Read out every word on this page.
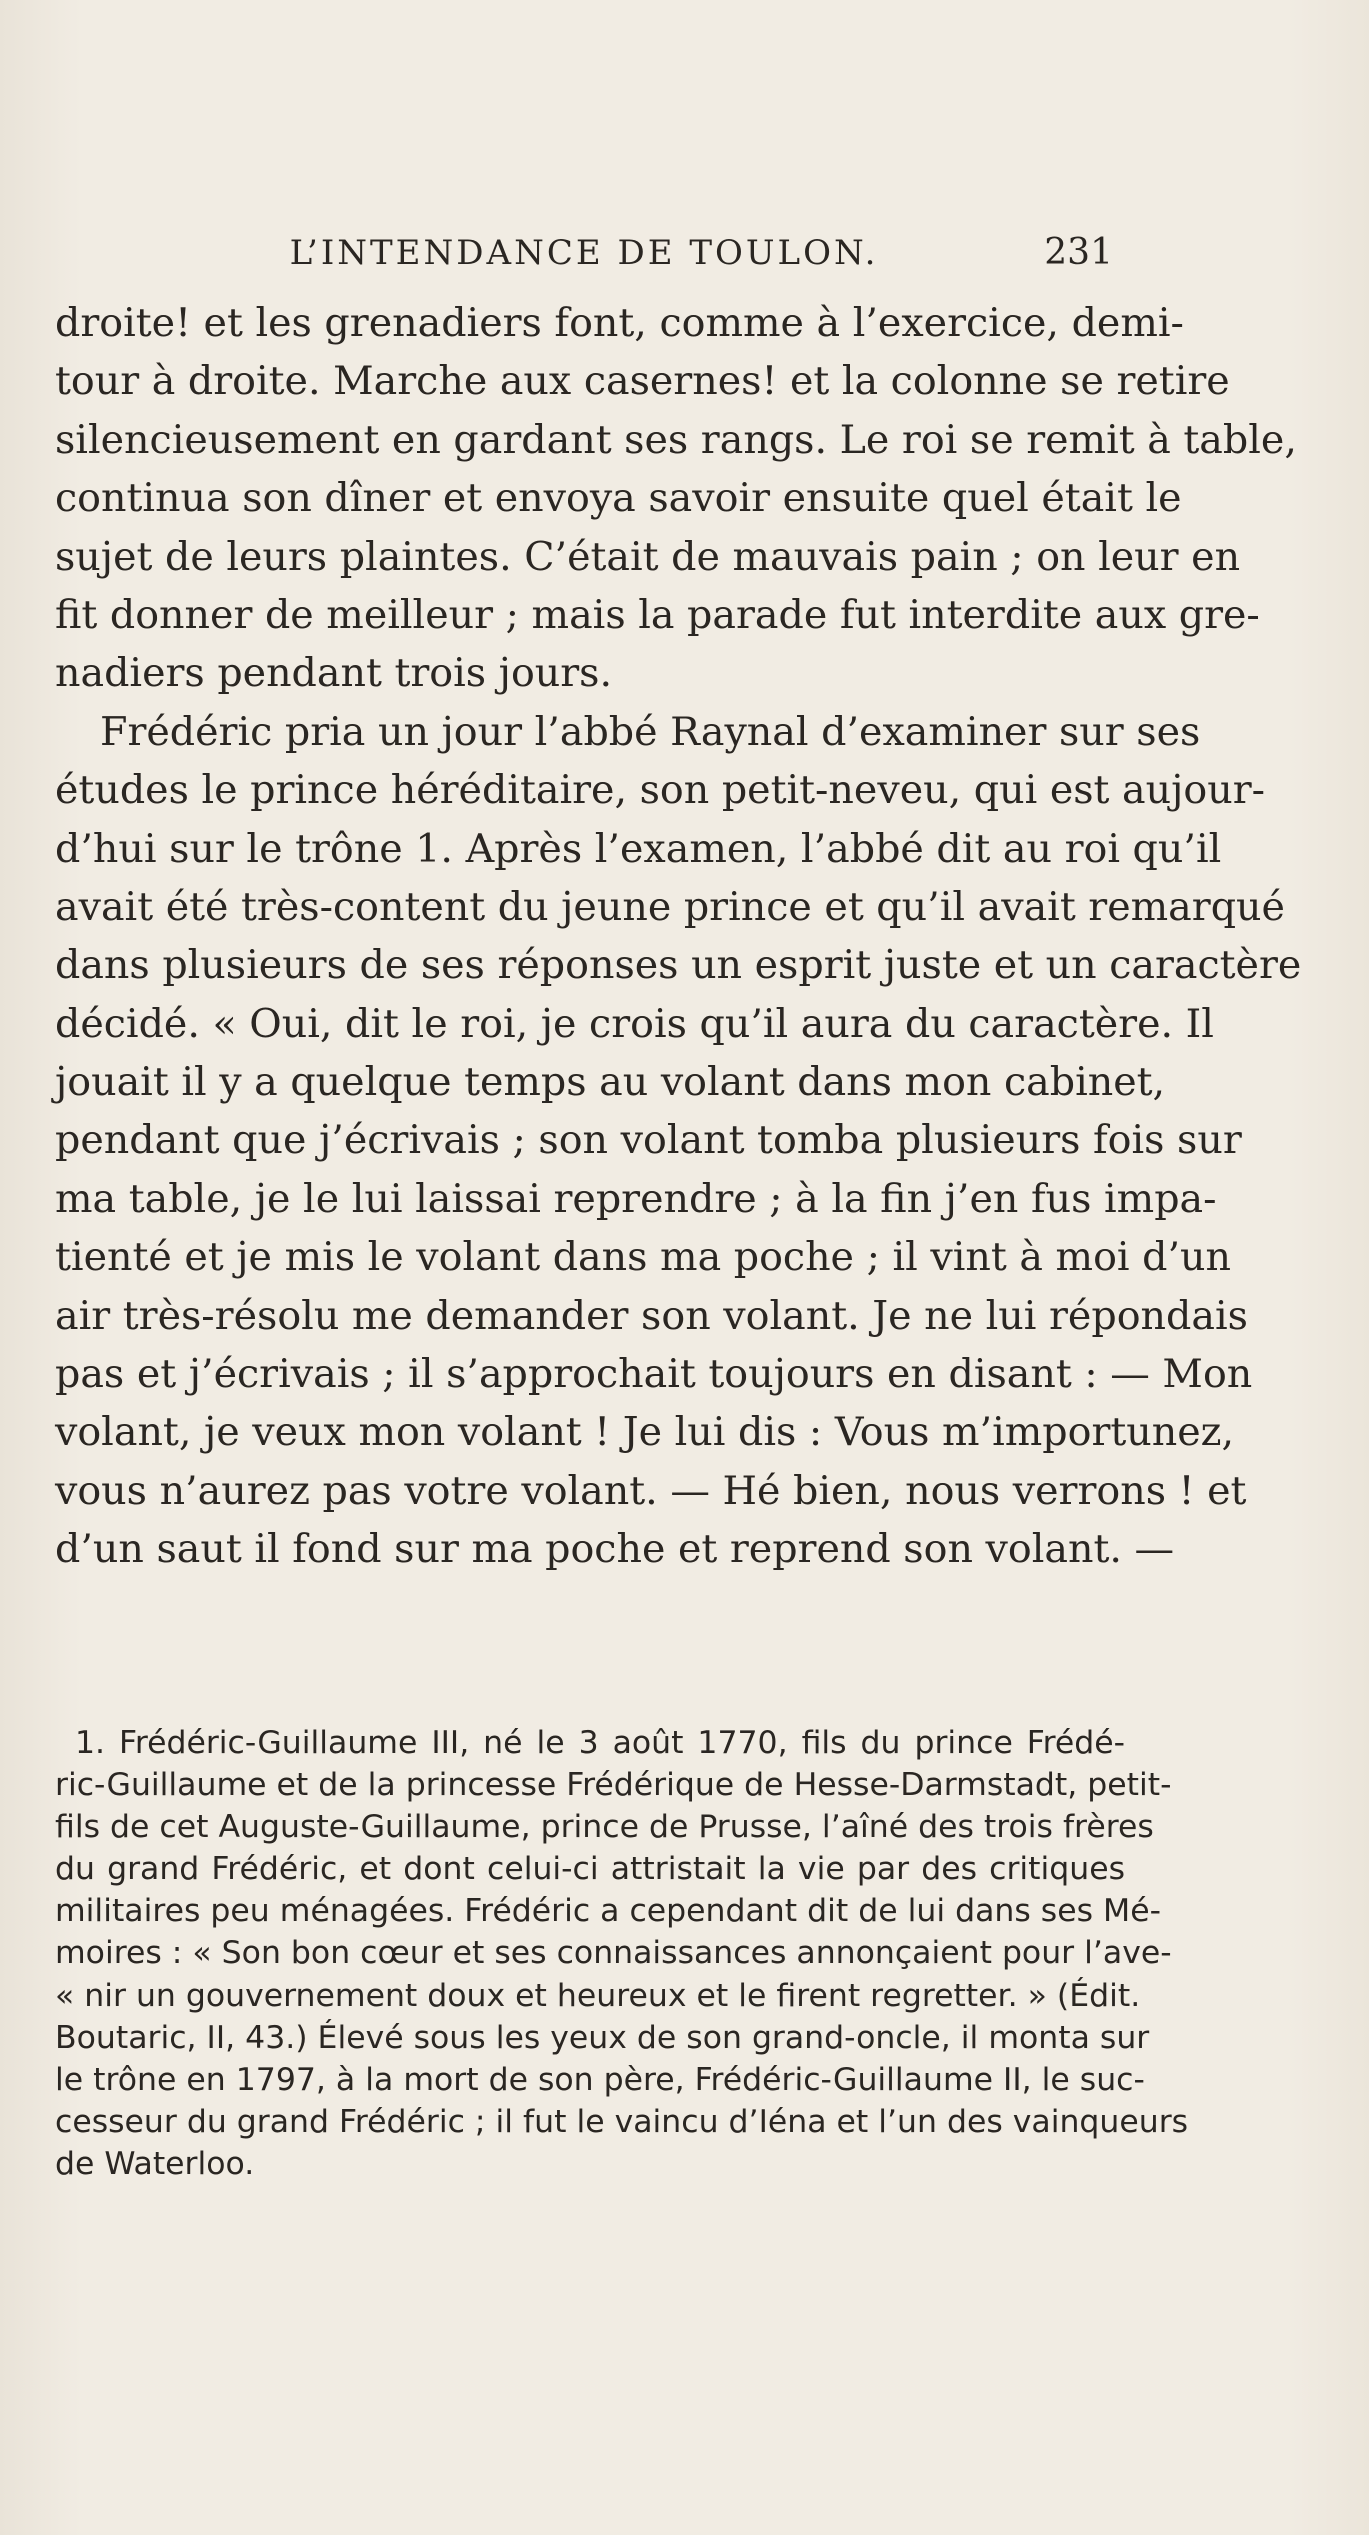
L’INTENDANCE DE TOULON.	231
droite! et les grenadiers font, comme à l’exercice, demi-
tour à droite. Marche aux casernes! et la colonne se retire
silencieusement en gardant ses rangs. Le roi se remit à table,
continua son dîner et envoya savoir ensuite quel était le
sujet de leurs plaintes. C’était de mauvais pain ; on leur en
fit donner de meilleur ; mais la parade fut interdite aux gre-
nadiers pendant trois jours.
Frédéric pria un jour l’abbé Raynal d’examiner sur ses
études le prince héréditaire, son petit-neveu, qui est aujour-
d’hui sur le trône 1. Après l’examen, l’abbé dit au roi qu’il
avait été très-content du jeune prince et qu’il avait remarqué
dans plusieurs de ses réponses un esprit juste et un caractère
décidé. « Oui, dit le roi, je crois qu’il aura du caractère. Il
jouait il y a quelque temps au volant dans mon cabinet,
pendant que j’écrivais ; son volant tomba plusieurs fois sur
ma table, je le lui laissai reprendre ; à la fin j’en fus impa-
tienté et je mis le volant dans ma poche ; il vint à moi d’un
air très-résolu me demander son volant. Je ne lui répondais
pas et j’écrivais ; il s’approchait toujours en disant : — Mon
volant, je veux mon volant ! Je lui dis : Vous m’importunez,
vous n’aurez pas votre volant. — Hé bien, nous verrons ! et
d’un saut il fond sur ma poche et reprend son volant. —
1. Frédéric-Guillaume III, né le 3 août 1770, fils du prince Frédé-
ric-Guillaume et de la princesse Frédérique de Hesse-Darmstadt, petit-
fils de cet Auguste-Guillaume, prince de Prusse, l’aîné des trois frères
du grand Frédéric, et dont celui-ci attristait la vie par des critiques
militaires peu ménagées. Frédéric a cependant dit de lui dans ses Mé-
moires : « Son bon cœur et ses connaissances annonçaient pour l’ave-
« nir un gouvernement doux et heureux et le firent regretter. » (Édit.
Boutaric, II, 43.) Élevé sous les yeux de son grand-oncle, il monta sur
le trône en 1797, à la mort de son père, Frédéric-Guillaume II, le suc-
cesseur du grand Frédéric ; il fut le vaincu d’Iéna et l’un des vainqueurs
de Waterloo.
